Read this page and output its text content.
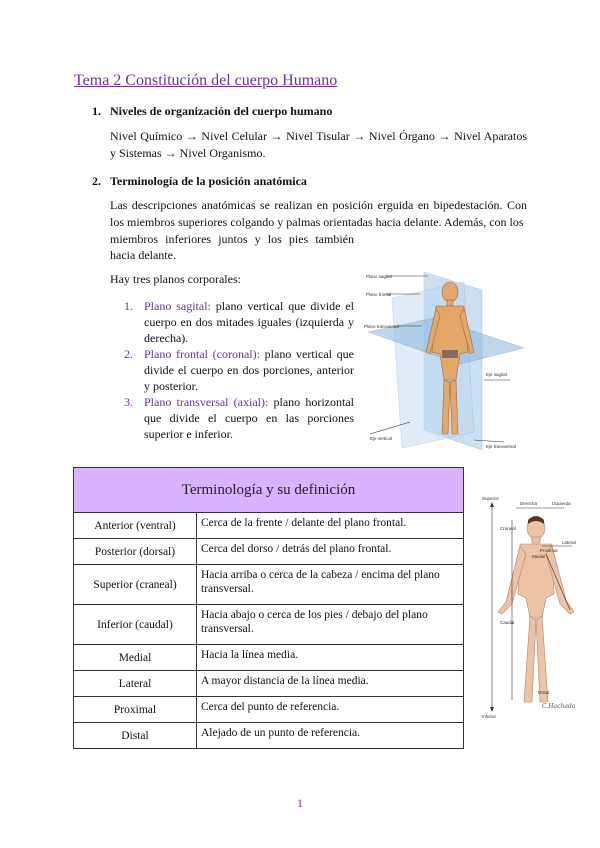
Tema 2 Constitución del cuerpo Humano
1. Niveles de organización del cuerpo humano

Nivel Químico → Nivel Celular → Nivel Tisular → Nivel Órgano → Nivel Aparatos y Sistemas → Nivel Organismo.

2. Terminología de la posición anatómica

Las descripciones anatómicas se realizan en posición erguida en bipedestación. Con los miembros superiores colgando y palmas orientadas hacia delante. Además, con los

miembros inferiores juntos y los pies también hacia delante.

Hay tres planos corporales:

1. Plano sagital: plano vertical que divide el cuerpo en dos mitades iguales (izquierda y derecha).
2. Plano frontal (coronal): plano vertical que divide el cuerpo en dos porciones, anterior y posterior.
3. Plano transversal (axial): plano horizontal que divide el cuerpo en las porciones superior e inferior.
Plano sagital
Plano frontal
Plano transversal
Eje sagital
Eje vertical
Eje transversal
Terminología y su definición	
Anterior (ventral)	Cerca de la frente / delante del plano frontal.
Posterior (dorsal)	Cerca del dorso / detrás del plano frontal.
Superior (craneal)	Hacia arriba o cerca de la cabeza / encima del plano transversal.
Inferior (caudal)	Hacia abajo o cerca de los pies / debajo del plano transversal.
Medial	Hacia la línea media.
Lateral	A mayor distancia de la línea media.
Proximal	Cerca del punto de referencia.
Distal	Alejado de un punto de referencia.
Superior
Derecha	Izquierda
Craneal
Lateral
Proximal
Medial
Caudal
Distal
Inferior
C.Hachado
1
